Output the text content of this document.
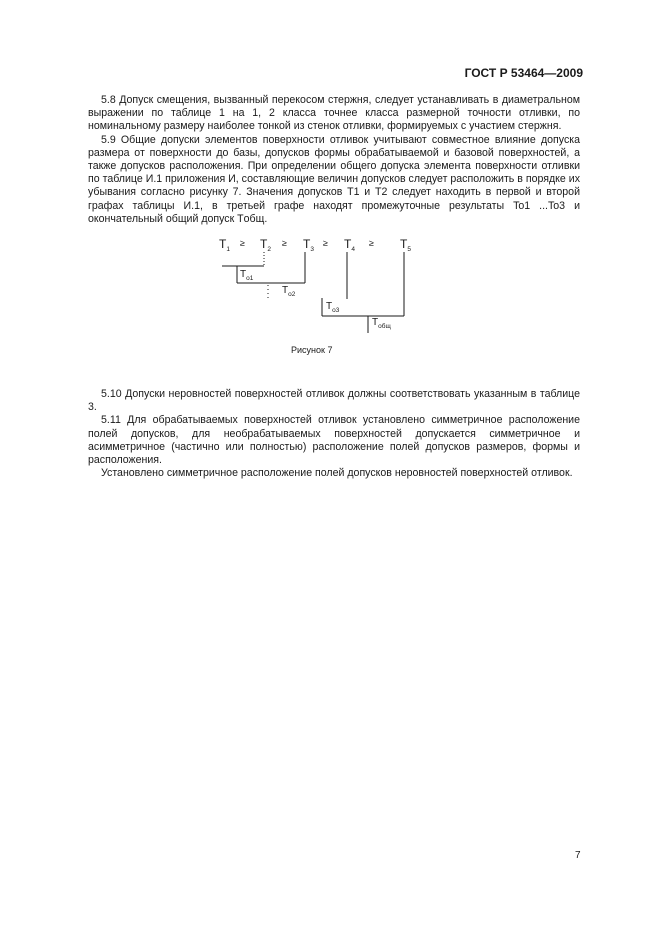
ГОСТ Р 53464—2009

5.8 Допуск смещения, вызванный перекосом стержня, следует устанавливать в диаметральном выражении по таблице 1 на 1, 2 класса точнее класса размерной точности отливки, по номинальному размеру наиболее тонкой из стенок отливки, формируемых с участием стержня.

5.9 Общие допуски элементов поверхности отливок учитывают совместное влияние допуска размера от поверхности до базы, допусков формы обрабатываемой и базовой поверхностей, а также допусков расположения. При определении общего допуска элемента поверхности отливки по таблице И.1 приложения И, составляющие величин допусков следует расположить в порядке их убывания согласно рисунку 7. Значения допусков T1 и T2 следует находить в первой и второй графах таблицы И.1, в третьей графе находят промежуточные результаты To1 ...To3 и окончательный общий допуск Tобщ.

$T_1$
≥ $T_2$
≥ $T_3$
≥ $T_4$
≥ $T_5$
$T_{о1}$
$T_{о2}$
$T_{о3}$
$T_{общ}$
Рисунок 7

5.10 Допуски неровностей поверхностей отливок должны соответствовать указанным в таблице 3.

5.11 Для обрабатываемых поверхностей отливок установлено симметричное расположение полей допусков, для необрабатываемых поверхностей допускается симметричное и асимметричное (частично или полностью) расположение полей допусков размеров, формы и расположения.

Установлено симметричное расположение полей допусков неровностей поверхностей отливок.

7
